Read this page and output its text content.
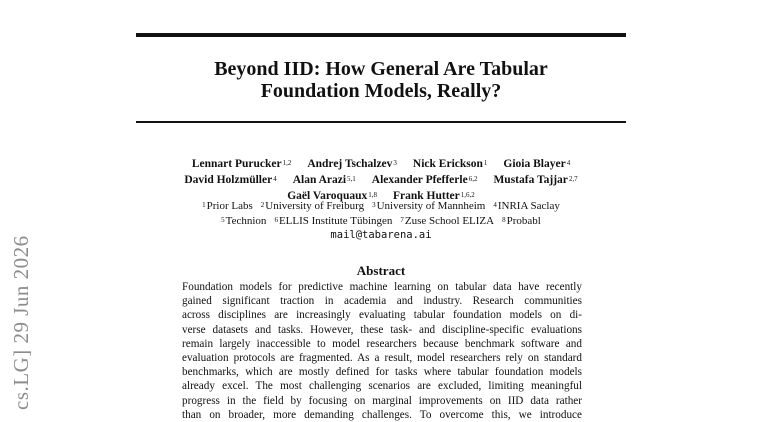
Beyond IID: How General Are Tabular
Foundation Models, Really?
Lennart Purucker$^{1,2}$ Andrej Tschalzev$^3$ Nick Erickson$^1$ Gioia Blayer$^4$
David Holzmüller$^4$ Alan Arazi$^{5,1}$ Alexander Pfefferle$^{6,2}$ Mustafa Tajjar$^{2,7}$
Gaël Varoquaux$^{1,8}$ Frank Hutter$^{1,6,2}$
$^1$Prior Labs $^2$University of Freiburg $^3$University of Mannheim $^4$INRIA Saclay
$^5$Technion $^6$ELLIS Institute Tübingen $^7$Zuse School ELIZA $^8$Probabl
mail@tabarena.ai
Abstract
Foundation models for predictive machine learning on tabular data have recently
gained significant traction in academia and industry. Research communities
across disciplines are increasingly evaluating tabular foundation models on di-
verse datasets and tasks. However, these task- and discipline-specific evaluations
remain largely inaccessible to model researchers because benchmark software and
evaluation protocols are fragmented. As a result, model researchers rely on standard
benchmarks, which are mostly defined for tasks where tabular foundation models
already excel. The most challenging scenarios are excluded, limiting meaningful
progress in the field by focusing on marginal improvements on IID data rather
than on broader, more demanding challenges. To overcome this, we introduce
cs.LG] 29 Jun 2026
